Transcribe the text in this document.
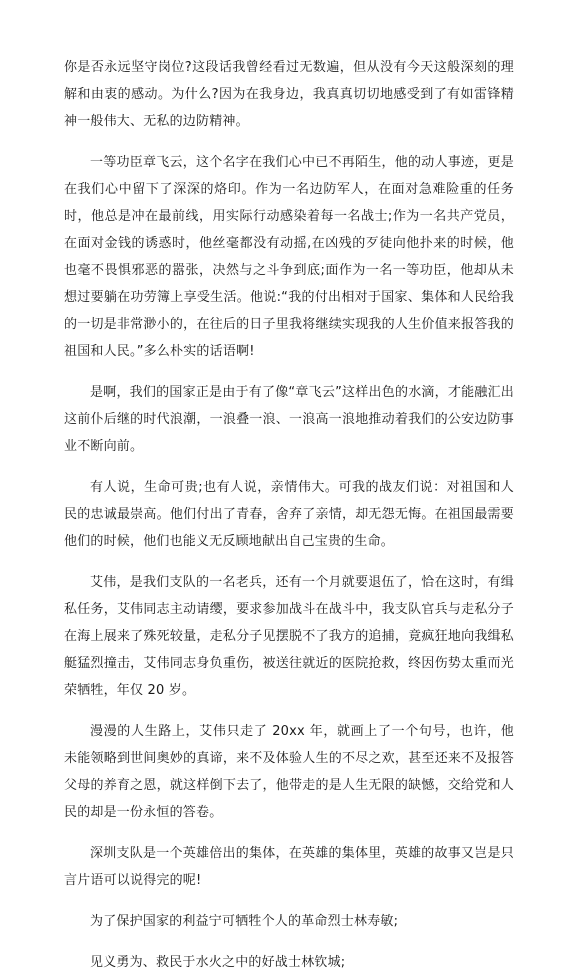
你是否永远坚守岗位?这段话我曾经看过无数遍，但从没有今天这般深刻的理解和由衷的感动。为什么?因为在我身边，我真真切切地感受到了有如雷锋精神一般伟大、无私的边防精神。

一等功臣章飞云，这个名字在我们心中已不再陌生，他的动人事迹，更是在我们心中留下了深深的烙印。作为一名边防军人，在面对急难险重的任务时，他总是冲在最前线，用实际行动感染着每一名战士;作为一名共产党员，在面对金钱的诱惑时，他丝毫都没有动摇,在凶残的歹徒向他扑来的时候，他也毫不畏惧邪恶的嚣张，决然与之斗争到底;面作为一名一等功臣，他却从未想过要躺在功劳簿上享受生活。他说:“我的付出相对于国家、集体和人民给我的一切是非常渺小的，在往后的日子里我将继续实现我的人生价值来报答我的祖国和人民。”多么朴实的话语啊!

是啊，我们的国家正是由于有了像“章飞云”这样出色的水滴，才能融汇出这前仆后继的时代浪潮，一浪叠一浪、一浪高一浪地推动着我们的公安边防事业不断向前。

有人说，生命可贵;也有人说，亲情伟大。可我的战友们说：对祖国和人民的忠诚最崇高。他们付出了青春，舍弃了亲情，却无怨无悔。在祖国最需要他们的时候，他们也能义无反顾地献出自己宝贵的生命。

艾伟，是我们支队的一名老兵，还有一个月就要退伍了，恰在这时，有缉私任务，艾伟同志主动请缨，要求参加战斗在战斗中，我支队官兵与走私分子在海上展来了殊死较量，走私分子见摆脱不了我方的追捕，竟疯狂地向我缉私艇猛烈撞击，艾伟同志身负重伤，被送往就近的医院抢救，终因伤势太重而光荣牺牲，年仅 20 岁。

漫漫的人生路上，艾伟只走了 20xx 年，就画上了一个句号，也许，他未能领略到世间奥妙的真谛，来不及体验人生的不尽之欢，甚至还来不及报答父母的养育之恩，就这样倒下去了，他带走的是人生无限的缺憾，交给党和人民的却是一份永恒的答卷。

深圳支队是一个英雄倍出的集体，在英雄的集体里，英雄的故事又岂是只言片语可以说得完的呢!

为了保护国家的利益宁可牺牲个人的革命烈士林寿敏;

见义勇为、救民于水火之中的好战士林钦城;
